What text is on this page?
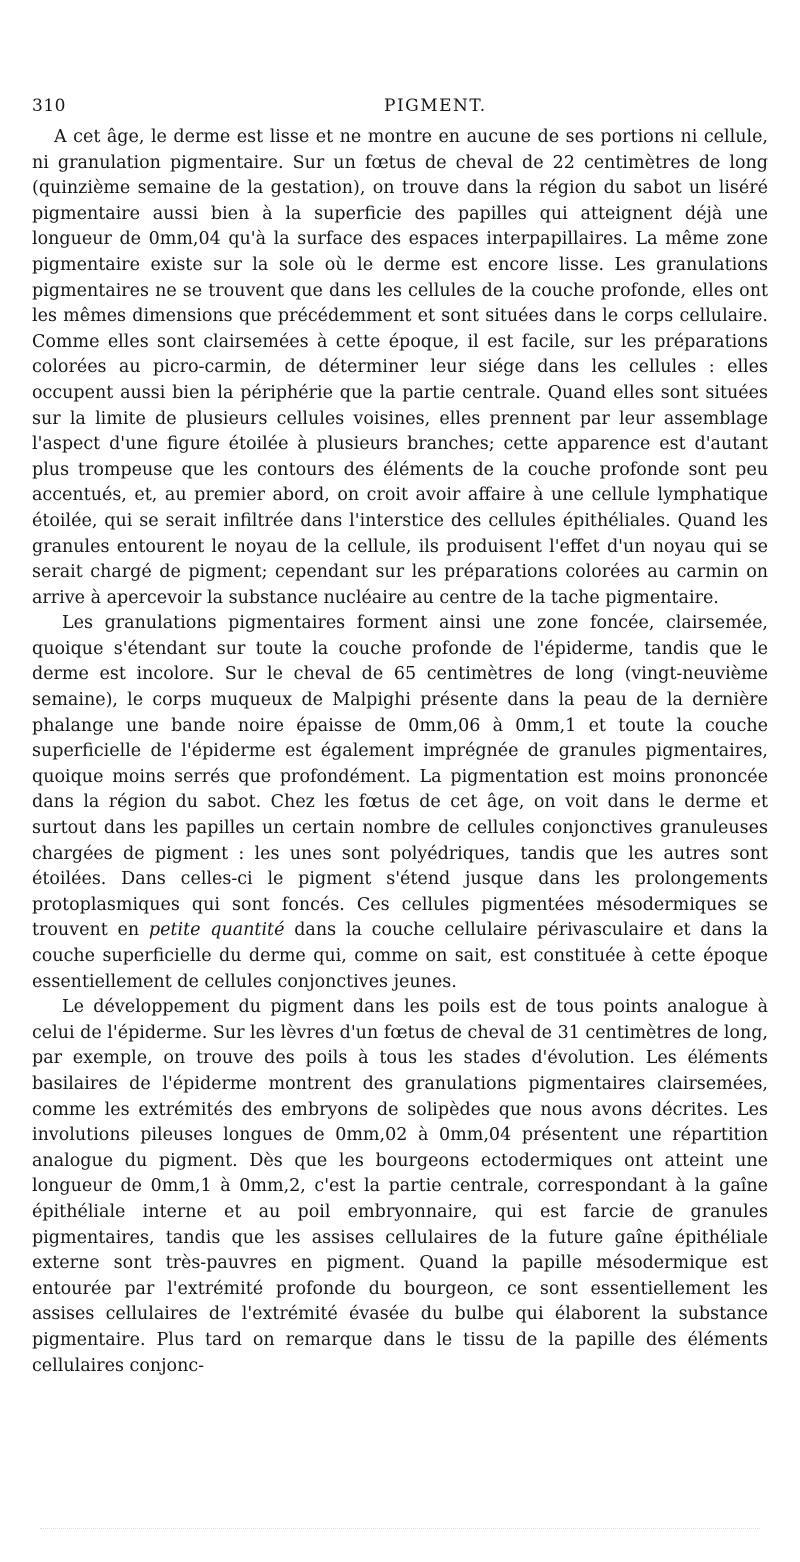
310	PIGMENT.

A cet âge, le derme est lisse et ne montre en aucune de ses portions ni cellule, ni granulation pigmentaire. Sur un fœtus de cheval de 22 centimètres de long (quinzième semaine de la gestation), on trouve dans la région du sabot un liséré pigmentaire aussi bien à la superficie des papilles qui atteignent déjà une longueur de 0mm,04 qu'à la surface des espaces interpapillaires. La même zone pigmentaire existe sur la sole où le derme est encore lisse. Les granulations pigmentaires ne se trouvent que dans les cellules de la couche profonde, elles ont les mêmes dimensions que précédemment et sont situées dans le corps cellulaire. Comme elles sont clairsemées à cette époque, il est facile, sur les préparations colorées au picro-carmin, de déterminer leur siége dans les cellules : elles occupent aussi bien la périphérie que la partie centrale. Quand elles sont situées sur la limite de plusieurs cellules voisines, elles prennent par leur assemblage l'aspect d'une figure étoilée à plusieurs branches; cette apparence est d'autant plus trompeuse que les contours des éléments de la couche profonde sont peu accentués, et, au premier abord, on croit avoir affaire à une cellule lymphatique étoilée, qui se serait infiltrée dans l'interstice des cellules épithéliales. Quand les granules entourent le noyau de la cellule, ils produisent l'effet d'un noyau qui se serait chargé de pigment; cependant sur les préparations colorées au carmin on arrive à apercevoir la substance nucléaire au centre de la tache pigmentaire.

Les granulations pigmentaires forment ainsi une zone foncée, clairsemée, quoique s'étendant sur toute la couche profonde de l'épiderme, tandis que le derme est incolore. Sur le cheval de 65 centimètres de long (vingt-neuvième semaine), le corps muqueux de Malpighi présente dans la peau de la dernière phalange une bande noire épaisse de 0mm,06 à 0mm,1 et toute la couche superficielle de l'épiderme est également imprégnée de granules pigmentaires, quoique moins serrés que profondément. La pigmentation est moins prononcée dans la région du sabot. Chez les fœtus de cet âge, on voit dans le derme et surtout dans les papilles un certain nombre de cellules conjonctives granuleuses chargées de pigment : les unes sont polyédriques, tandis que les autres sont étoilées. Dans celles-ci le pigment s'étend jusque dans les prolongements protoplasmiques qui sont foncés. Ces cellules pigmentées mésodermiques se trouvent en petite quantité dans la couche cellulaire périvasculaire et dans la couche superficielle du derme qui, comme on sait, est constituée à cette époque essentiellement de cellules conjonctives jeunes.

Le développement du pigment dans les poils est de tous points analogue à celui de l'épiderme. Sur les lèvres d'un fœtus de cheval de 31 centimètres de long, par exemple, on trouve des poils à tous les stades d'évolution. Les éléments basilaires de l'épiderme montrent des granulations pigmentaires clairsemées, comme les extrémités des embryons de solipèdes que nous avons décrites. Les involutions pileuses longues de 0mm,02 à 0mm,04 présentent une répartition analogue du pigment. Dès que les bourgeons ectodermiques ont atteint une longueur de 0mm,1 à 0mm,2, c'est la partie centrale, correspondant à la gaîne épithéliale interne et au poil embryonnaire, qui est farcie de granules pigmentaires, tandis que les assises cellulaires de la future gaîne épithéliale externe sont très-pauvres en pigment. Quand la papille mésodermique est entourée par l'extrémité profonde du bourgeon, ce sont essentiellement les assises cellulaires de l'extrémité évasée du bulbe qui élaborent la substance pigmentaire. Plus tard on remarque dans le tissu de la papille des éléments cellulaires conjonc-
